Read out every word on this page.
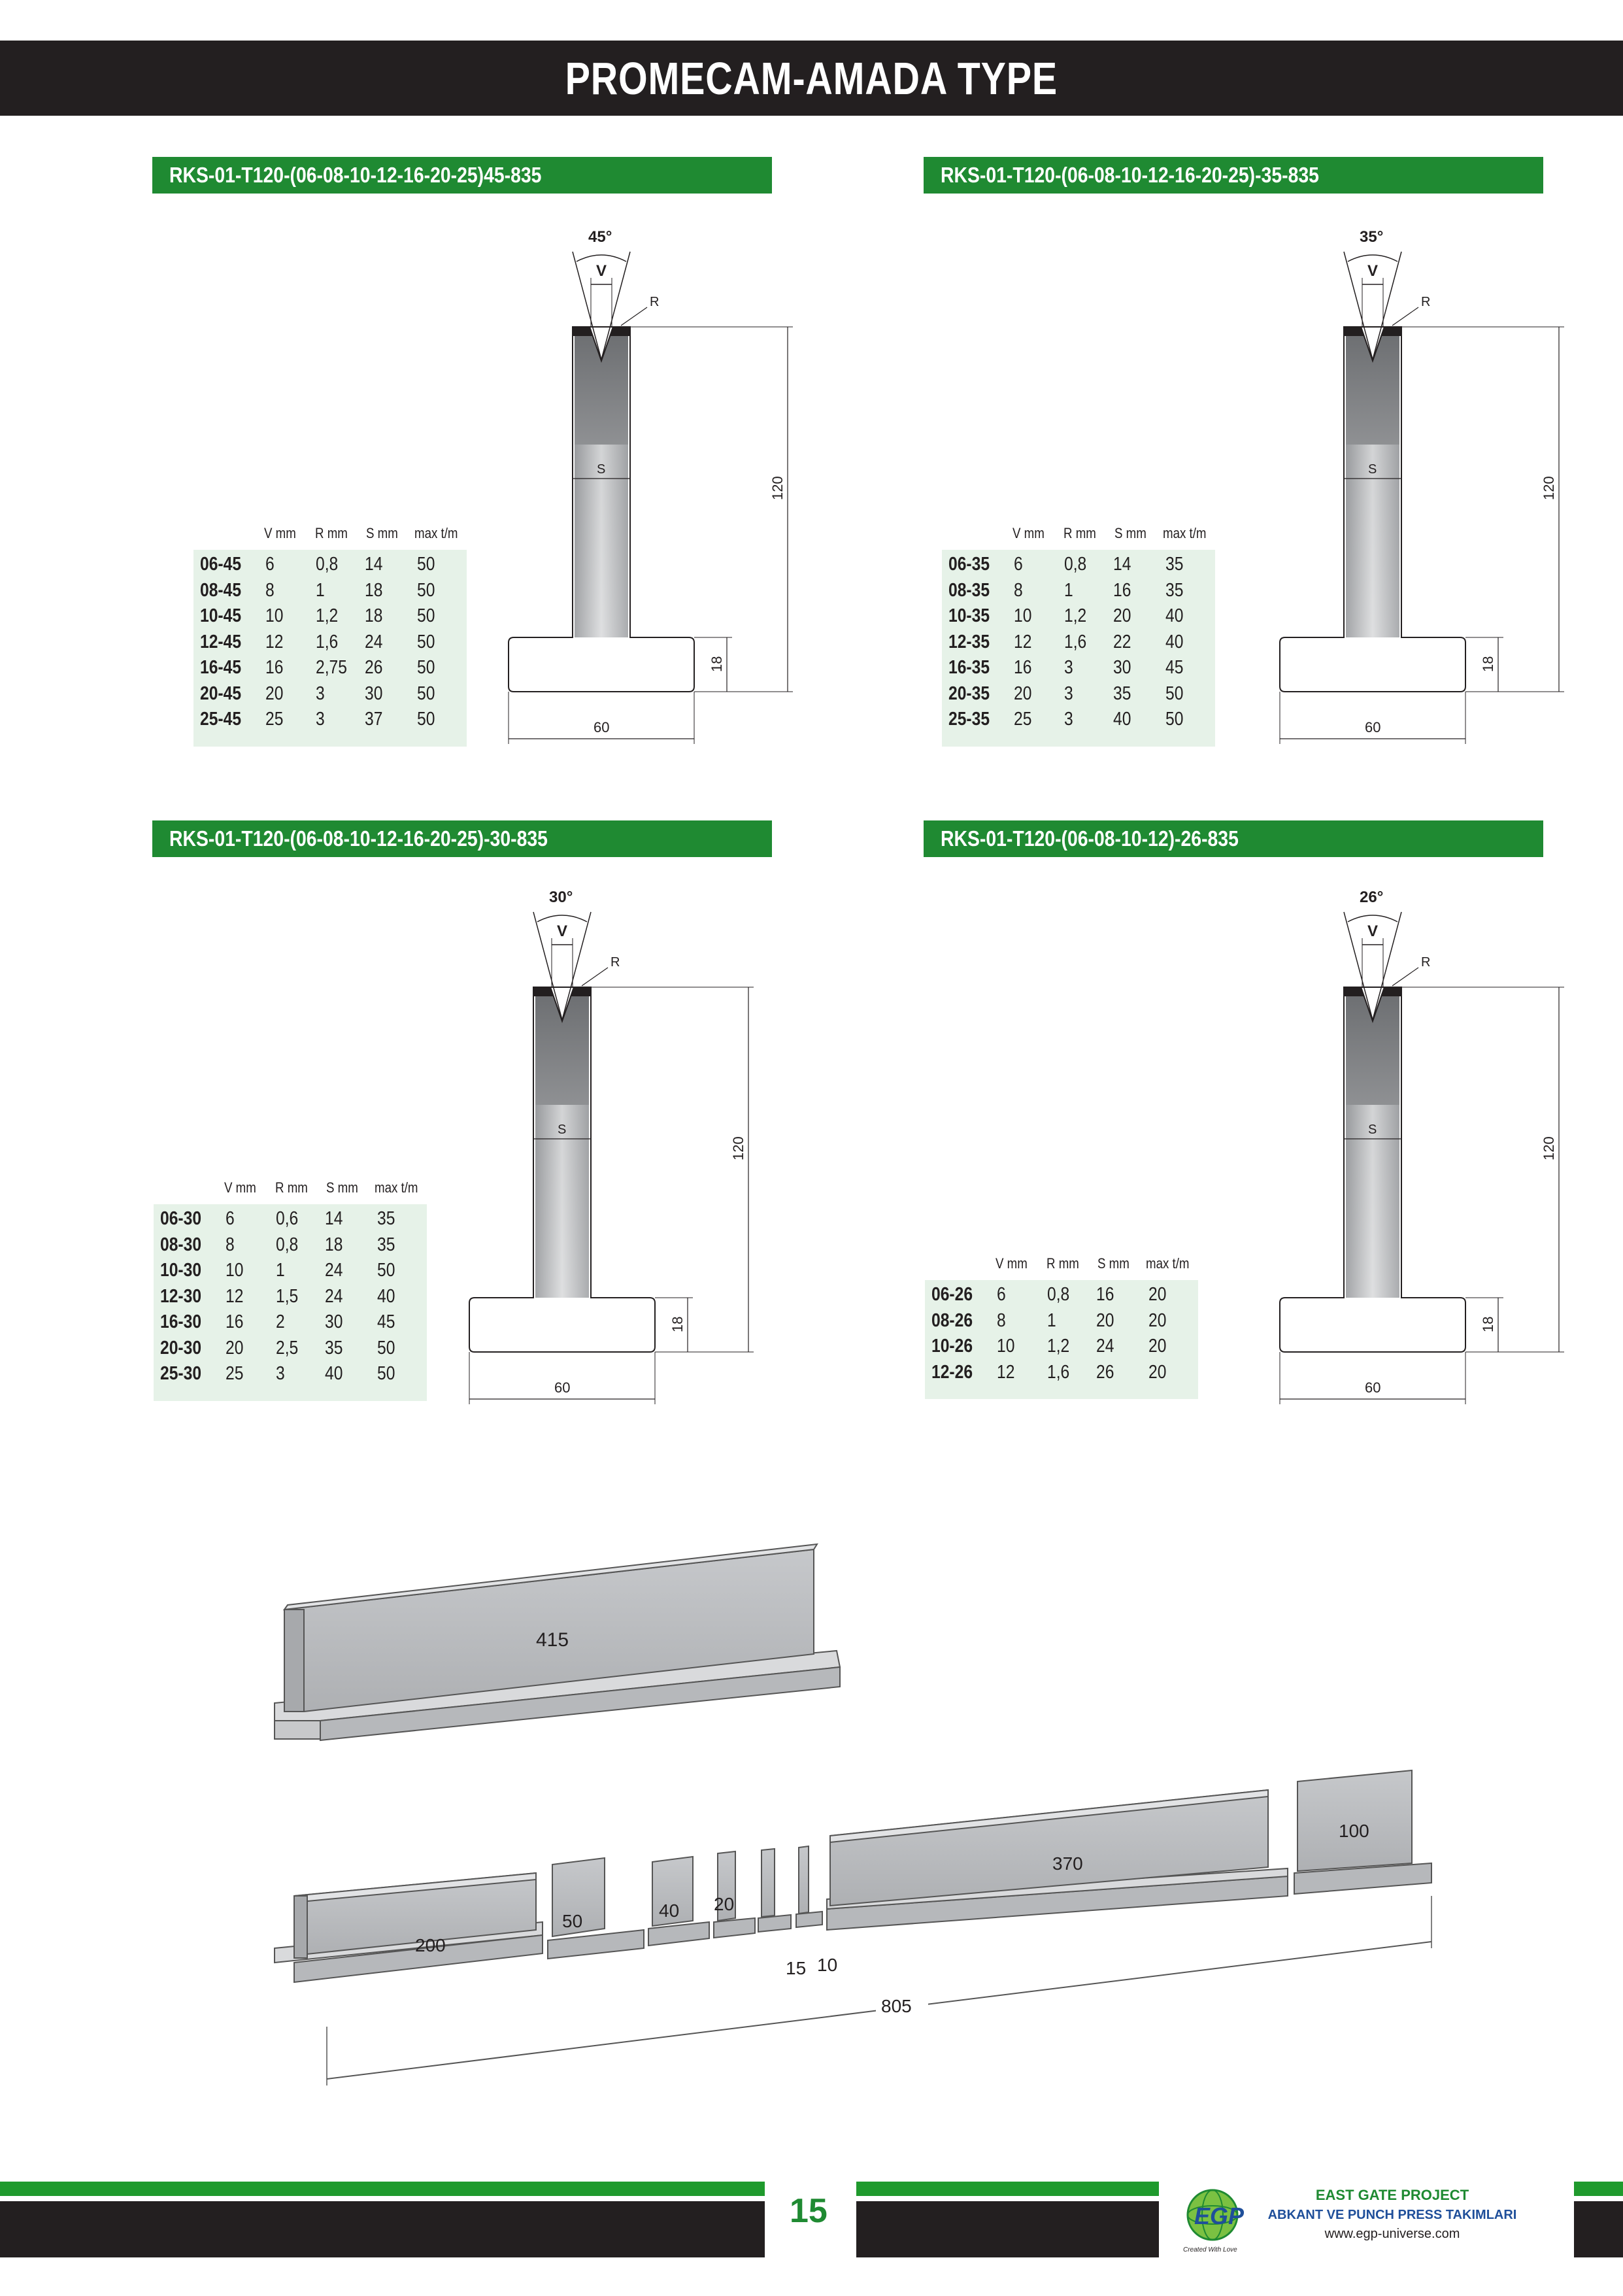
PROMECAM-AMADA TYPE
RKS-01-T120-(06-08-10-12-16-20-25)45-835	RKS-01-T120-(06-08-10-12-16-20-25)-35-835
RKS-01-T120-(06-08-10-12-16-20-25)-30-835	RKS-01-T120-(06-08-10-12)-26-835
V mm R mm S mm max t/m
06-45 6 0,8 14 50
08-45 8 1 18 50
10-45 10 1,2 18 50
12-45 12 1,6 24 50
16-45 16 2,75 26 50
20-45 20 3 30 50
25-45 25 3 37 50
V mm R mm S mm max t/m
06-35 6 0,8 14 35
08-35 8 1 16 35
10-35 10 1,2 20 40
12-35 12 1,6 22 40
16-35 16 3 30 45
20-35 20 3 35 50
25-35 25 3 40 50
V mm R mm S mm max t/m
06-30 6 0,6 14 35
08-30 8 0,8 18 35
10-30 10 1 24 50
12-30 12 1,5 24 40
16-30 16 2 30 45
20-30 20 2,5 35 50
25-30 25 3 40 50
V mm R mm S mm max t/m
06-26 6 0,8 16 20
08-26 8 1 20 20
10-26 10 1,2 24 20
12-26 12 1,6 26 20
45°
V
R
S
120
18
60
35°
V
R
S
120
18
60
30°
V
R
S
120
18
60
26°
V
R
S
120
18
60
415
200
50
40 20
15 10
370
100
805
15	EGP
Created With Love
EAST GATE PROJECT
ABKANT VE PUNCH PRESS TAKIMLARI
www.egp-universe.com
